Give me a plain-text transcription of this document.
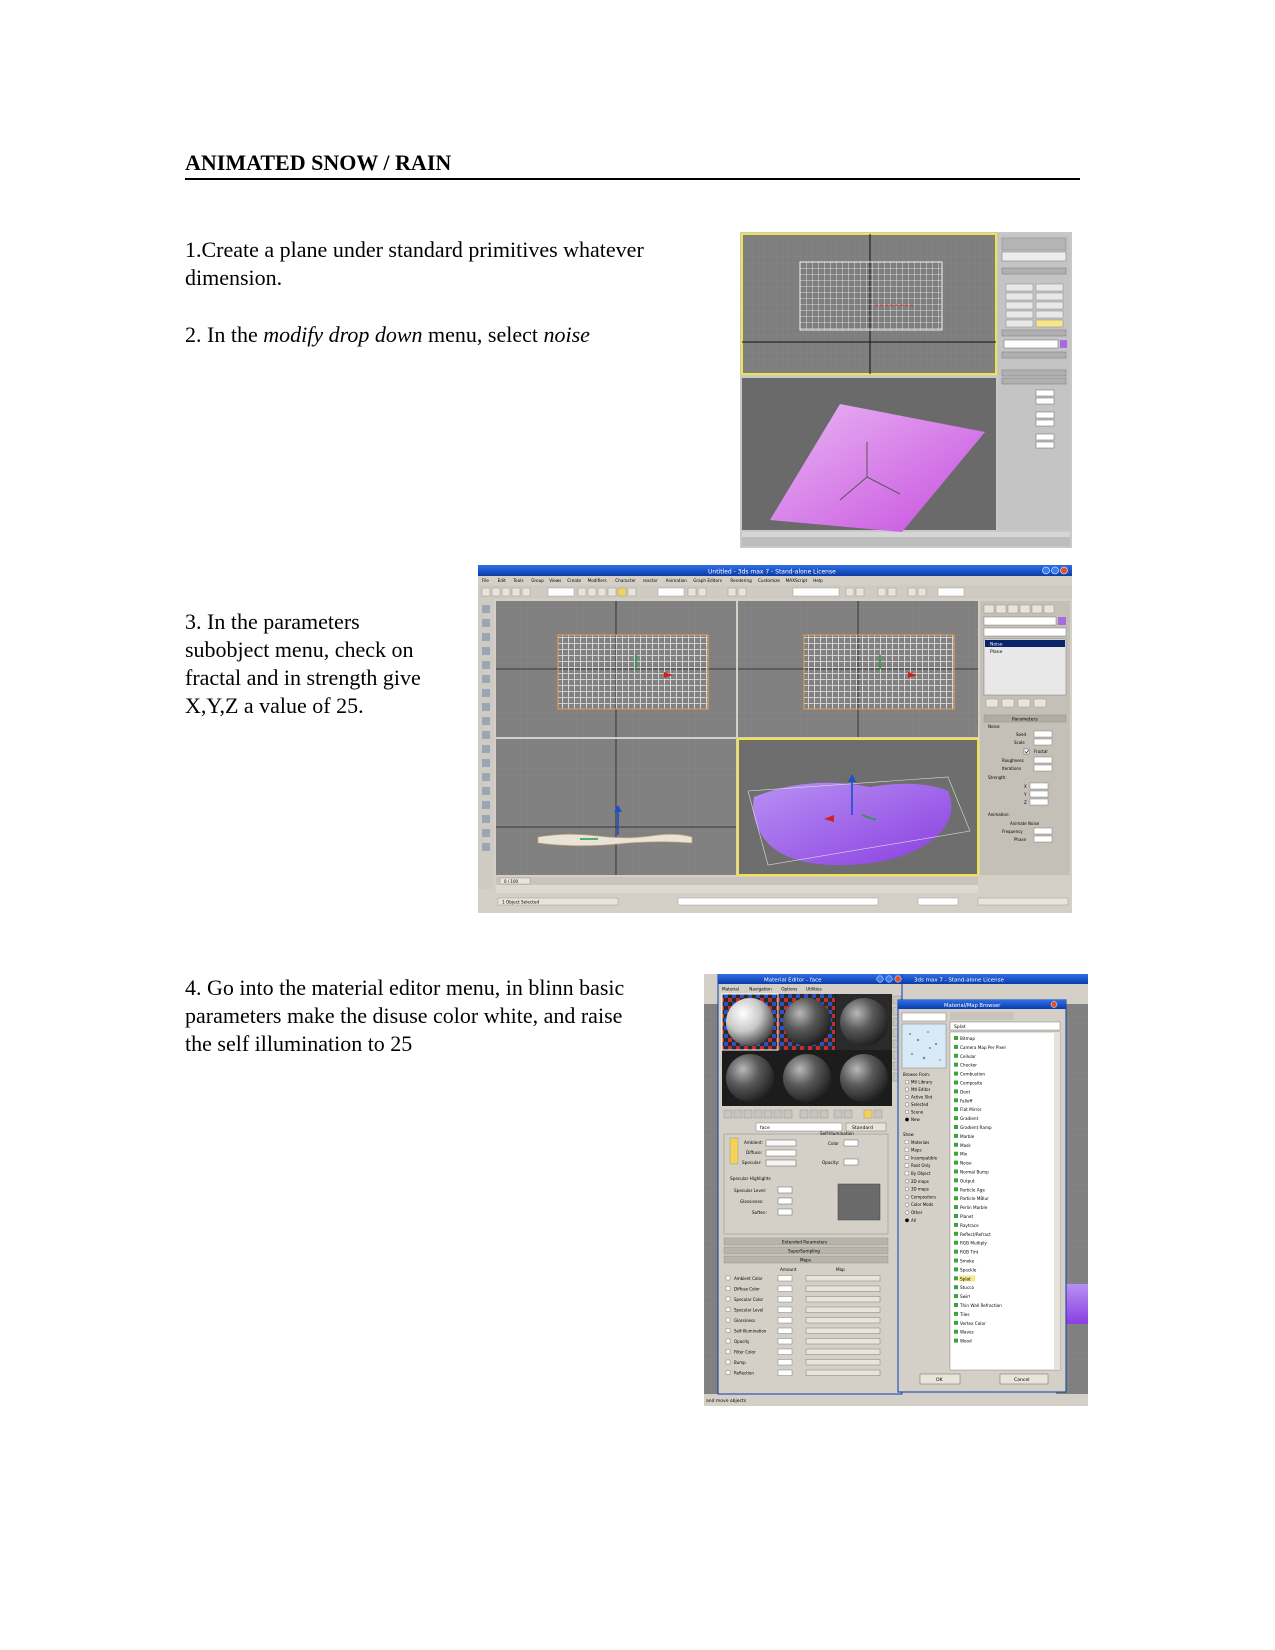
ANIMATED SNOW / RAIN

1.Create a plane under standard primitives whatever
dimension.

2. In the modify drop down menu, select noise

3. In the parameters
subobject menu, check on
fractal and in strength give
X,Y,Z a value of 25.

4. Go into the material editor menu, in blinn basic
parameters make the disuse color white, and raise
the self illumination to 25

Untitled - 3ds max 7 - Stand-alone License
File Edit Tools Group Views Create Modifiers Character reactor Animation Graph Editors Rendering Customize MAXScript Help
Noise
Plane
Parameters
Noise:
Seed
Scale
Fractal
Roughness
Iterations
Strength:
X
Y
Z
Animation:
Animate Noise
Frequency
Phase
0 / 100
1 Object Selected
3ds max 7 - Stand-alone License
and move objects
Material Editor - face
Material Navigation Options Utilities
face	Standard
Ambient:
Diffuse:
Specular:
Self-Illumination
Color
Opacity:
Specular Highlights
Specular Level:
Glossiness:
Soften:
Extended Parameters
SuperSampling
Maps
Amount	Map
Ambient Color
Diffuse Color
Specular Color
Specular Level
Glossiness
Self-Illumination
Opacity
Filter Color
Bump
Reflection
Material/Map Browser
Splat
Browse From:
Mtl Library
Mtl Editor
Active Slot
Selected
Scene
New
Show
Materials
Maps
Incompatible
Root Only
By Object
2D maps
3D maps
Compositors
Color Mods
Other
All
Bitmap
Camera Map Per Pixel
Cellular
Checker
Combustion
Composite
Dent
Falloff
Flat Mirror
Gradient
Gradient Ramp
Marble
Mask
Mix
Noise
Normal Bump
Output
Particle Age
Particle MBlur
Perlin Marble
Planet
Raytrace
Reflect/Refract
RGB Multiply
RGB Tint
Smoke
Speckle
Splat
Stucco
Swirl
Thin Wall Refraction
Tiles
Vertex Color
Waves
Wood
OK	Cancel
